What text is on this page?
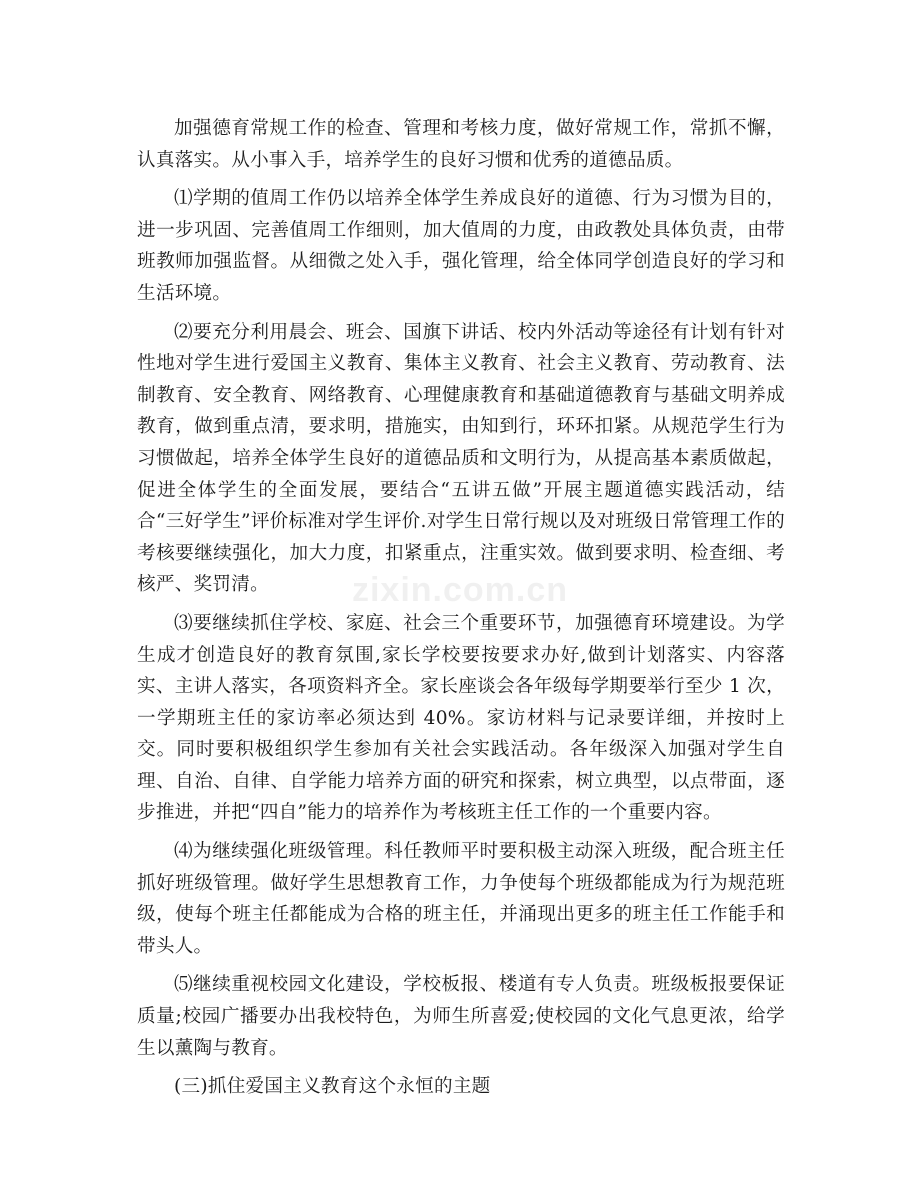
加强德育常规工作的检查、管理和考核力度，做好常规工作，常抓不懈，认真落实。从小事入手，培养学生的良好习惯和优秀的道德品质。

⑴学期的值周工作仍以培养全体学生养成良好的道德、行为习惯为目的，进一步巩固、完善值周工作细则，加大值周的力度，由政教处具体负责，由带班教师加强监督。从细微之处入手，强化管理，给全体同学创造良好的学习和生活环境。

⑵要充分利用晨会、班会、国旗下讲话、校内外活动等途径有计划有针对性地对学生进行爱国主义教育、集体主义教育、社会主义教育、劳动教育、法制教育、安全教育、网络教育、心理健康教育和基础道德教育与基础文明养成教育，做到重点清，要求明，措施实，由知到行，环环扣紧。从规范学生行为习惯做起，培养全体学生良好的道德品质和文明行为，从提高基本素质做起，促进全体学生的全面发展，要结合“五讲五做”开展主题道德实践活动，结合“三好学生”评价标准对学生评价.对学生日常行规以及对班级日常管理工作的考核要继续强化，加大力度，扣紧重点，注重实效。做到要求明、检查细、考核严、奖罚清。

⑶要继续抓住学校、家庭、社会三个重要环节，加强德育环境建设。为学生成才创造良好的教育氛围,家长学校要按要求办好,做到计划落实、内容落实、主讲人落实，各项资料齐全。家长座谈会各年级每学期要举行至少 1 次，一学期班主任的家访率必须达到 40%。家访材料与记录要详细，并按时上交。同时要积极组织学生参加有关社会实践活动。各年级深入加强对学生自理、自治、自律、自学能力培养方面的研究和探索，树立典型，以点带面，逐步推进，并把“四自”能力的培养作为考核班主任工作的一个重要内容。

⑷为继续强化班级管理。科任教师平时要积极主动深入班级，配合班主任抓好班级管理。做好学生思想教育工作，力争使每个班级都能成为行为规范班级，使每个班主任都能成为合格的班主任，并涌现出更多的班主任工作能手和带头人。

⑸继续重视校园文化建设，学校板报、楼道有专人负责。班级板报要保证质量;校园广播要办出我校特色，为师生所喜爱;使校园的文化气息更浓，给学生以薰陶与教育。

(三)抓住爱国主义教育这个永恒的主题

zixin.com.cn
